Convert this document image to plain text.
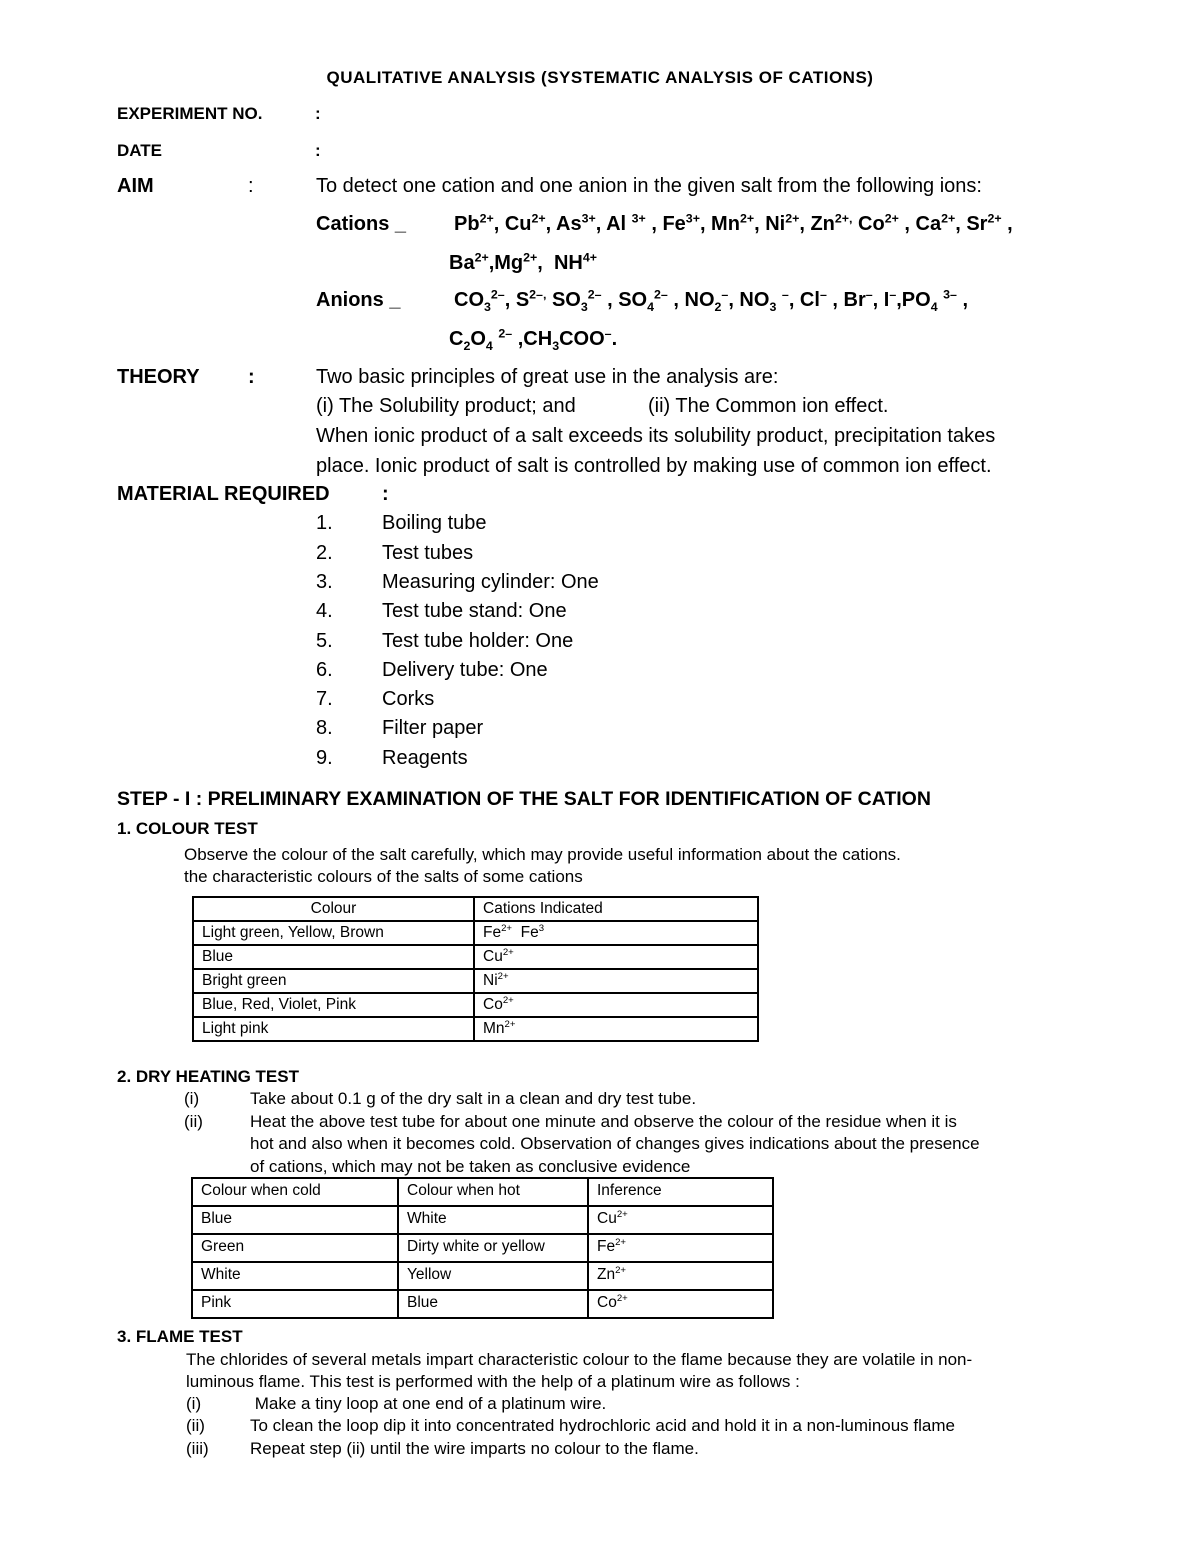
QUALITATIVE ANALYSIS (SYSTEMATIC ANALYSIS OF CATIONS)
EXPERIMENT NO.	:
DATE	:
AIM	:	To detect one cation and one anion in the given salt from the following ions:
Cations _ $Pb^{2+}$, $Cu^{2+}$, $As^{3+}$, Al $^{3+}$ , $Fe^{3+}$, $Mn^{2+}$, $Ni^{2+}$, $Zn^{2+,}$ $Co^{2+}$ , $Ca^{2+}$, $Sr^{2+}$ ,
$Ba^{2+},Mg^{2+}$,  $NH^{4+}$
Anions _	$CO_3^{2-}$, $S^{2-,}$ $SO_3^{2-}$ , $SO_4^{2-}$ , $NO_2^-$, $NO_3$ –, Cl– , Br–, $I^-,PO_4$ $^{3-}$ ,
$C_2O_4$ $^{2-}$ $,CH_3COO^-$.
THEORY :	Two basic principles of great use in the analysis are:
(i) The Solubility product; and	(ii) The Common ion effect.
When ionic product of a salt exceeds its solubility product, precipitation takes
place. Ionic product of salt is controlled by making use of common ion effect.
MATERIAL REQUIRED	:
1. Boiling tube
2. Test tubes
3. Measuring cylinder: One
4. Test tube stand: One
5. Test tube holder: One
6. Delivery tube: One
7. Corks
8. Filter paper
9. Reagents
STEP - I : PRELIMINARY EXAMINATION OF THE SALT FOR IDENTIFICATION OF CATION
1. COLOUR TEST
Observe the colour of the salt carefully, which may provide useful information about the cations.
the characteristic colours of the salts of some cations
Colour	Cations Indicated
Light green, Yellow, Brown	$Fe^{2+}$  Fe$^3$
Blue	$Cu^{2+}$
Bright green	$Ni^{2+}$
Blue, Red, Violet, Pink	$Co^{2+}$
Light pink	$Mn^{2+}$
2. DRY HEATING TEST
(i)	Take about 0.1 g of the dry salt in a clean and dry test tube.
(ii)	Heat the above test tube for about one minute and observe the colour of the residue when it is
hot and also when it becomes cold. Observation of changes gives indications about the presence
of cations, which may not be taken as conclusive evidence
Colour when cold	Colour when hot	Inference
Blue	White	$Cu^{2+}$
Green	Dirty white or yellow	$Fe^{2+}$
White	Yellow	$Zn^{2+}$
Pink	Blue	$Co^{2+}$
3. FLAME TEST
The chlorides of several metals impart characteristic colour to the flame because they are volatile in non-
luminous flame. This test is performed with the help of a platinum wire as follows :
(i)	Make a tiny loop at one end of a platinum wire.
(ii)	To clean the loop dip it into concentrated hydrochloric acid and hold it in a non-luminous flame
(iii) Repeat step (ii) until the wire imparts no colour to the flame.
